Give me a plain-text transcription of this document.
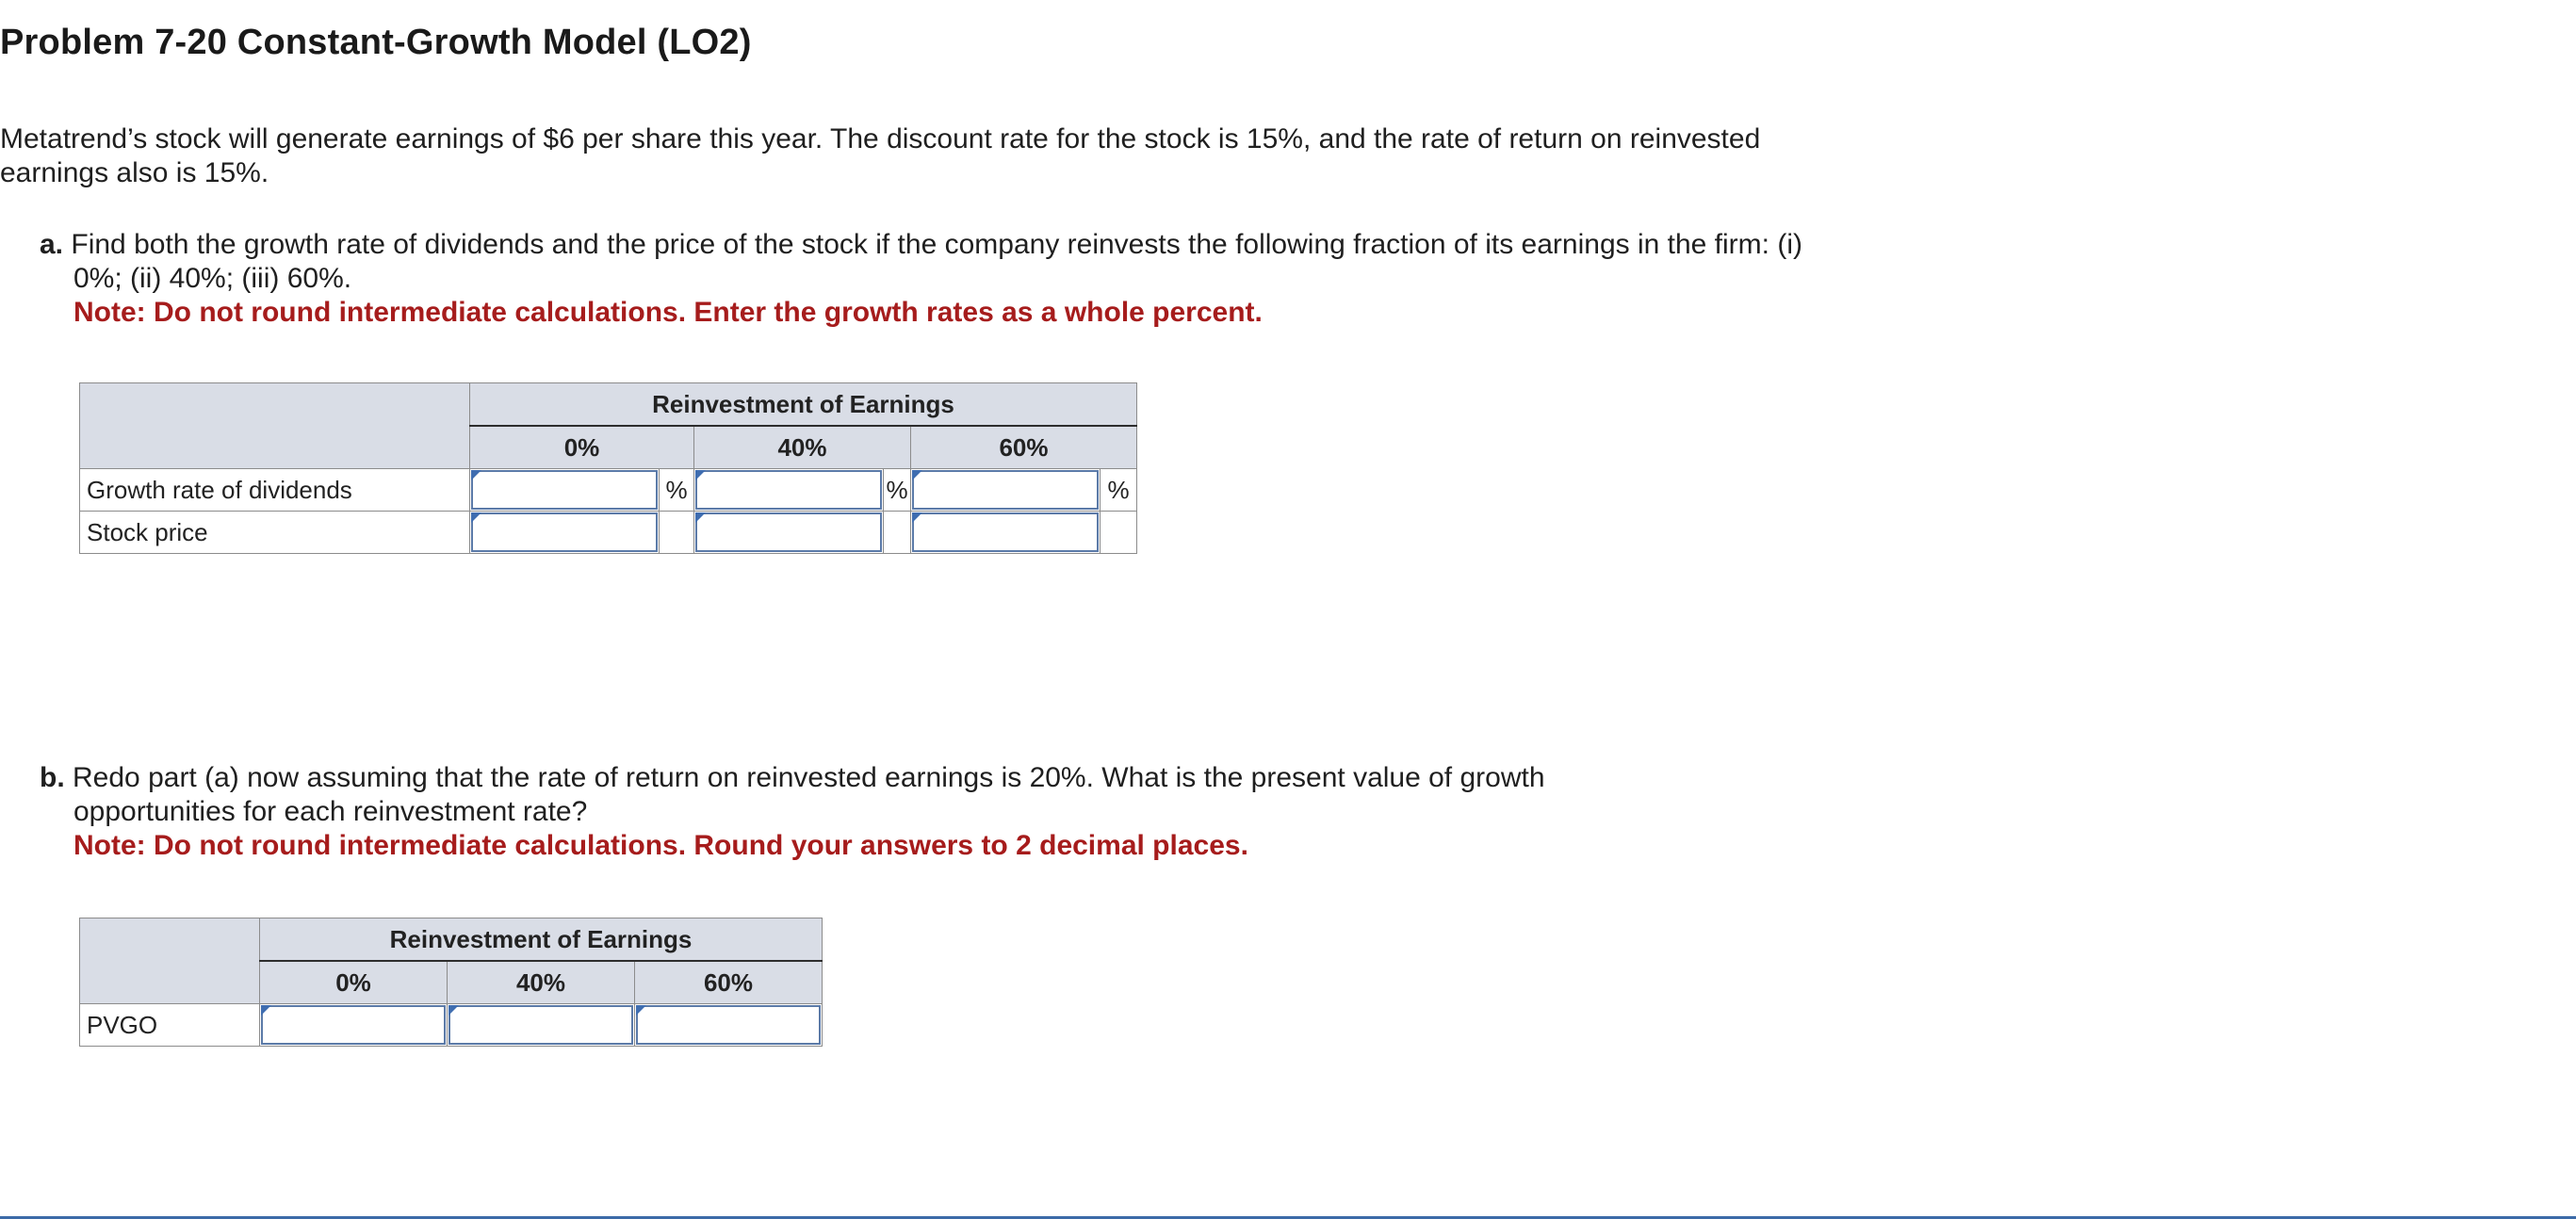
Problem 7-20 Constant-Growth Model (LO2)
Metatrend’s stock will generate earnings of $6 per share this year. The discount rate for the stock is 15%, and the rate of return on reinvested earnings also is 15%.
a. Find both the growth rate of dividends and the price of the stock if the company reinvests the following fraction of its earnings in the firm: (i) 0%; (ii) 40%; (iii) 60%.
Note: Do not round intermediate calculations. Enter the growth rates as a whole percent.
	Reinvestment of Earnings					
	0%		40%		60%	
Growth rate of dividends		%		%		%
Stock price	

b. Redo part (a) now assuming that the rate of return on reinvested earnings is 20%. What is the present value of growth opportunities for each reinvestment rate?
Note: Do not round intermediate calculations. Round your answers to 2 decimal places.
	Reinvestment of Earnings		
	0%	40%	60%
PVGO	
